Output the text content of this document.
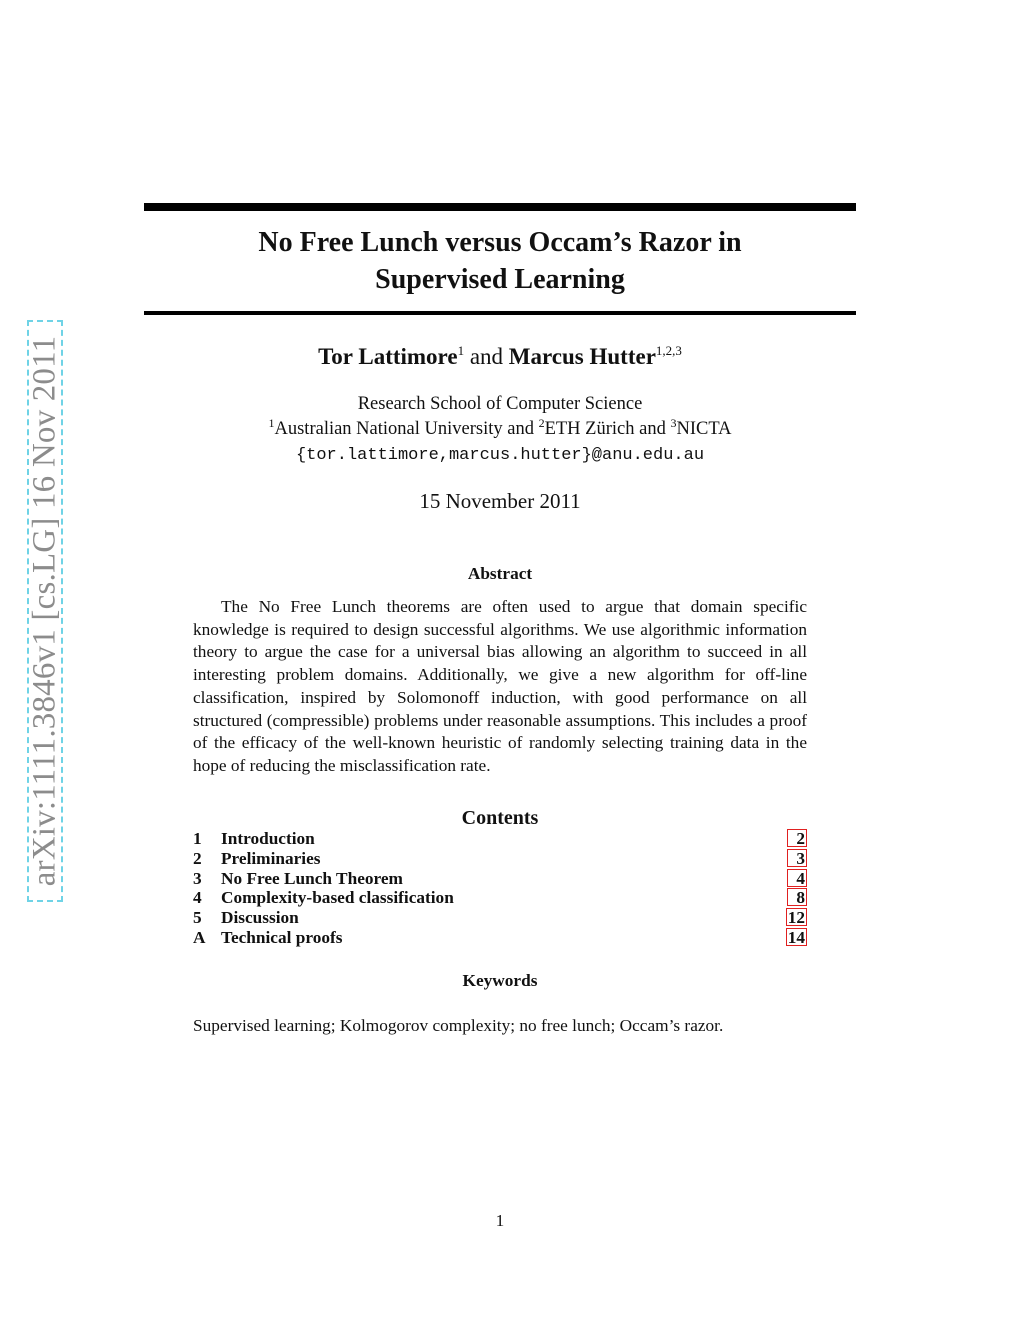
arXiv:1111.3846v1 [cs.LG] 16 Nov 2011
No Free Lunch versus Occam’s Razor in
Supervised Learning
Tor Lattimore$^1$ and Marcus Hutter$^{1,2,3}$
Research School of Computer Science
$^1$Australian National University and $^2$ETH Zürich and $^3$NICTA
{tor.lattimore,marcus.hutter}@anu.edu.au
15 November 2011
Abstract
The No Free Lunch theorems are often used to argue that domain specific knowledge is required to design successful algorithms. We use algorithmic information theory to argue the case for a universal bias allowing an algorithm to succeed in all interesting problem domains. Additionally, we give a new algorithm for off-line classification, inspired by Solomonoff induction, with good performance on all structured (compressible) problems under reasonable assumptions. This includes a proof of the efficacy of the well-known heuristic of randomly selecting training data in the hope of reducing the misclassification rate.
Contents
1 Introduction	2
2 Preliminaries	3
3 No Free Lunch Theorem	4
4 Complexity-based classification	8
5 Discussion	12
A Technical proofs	14
Keywords
Supervised learning; Kolmogorov complexity; no free lunch; Occam’s razor.
1
